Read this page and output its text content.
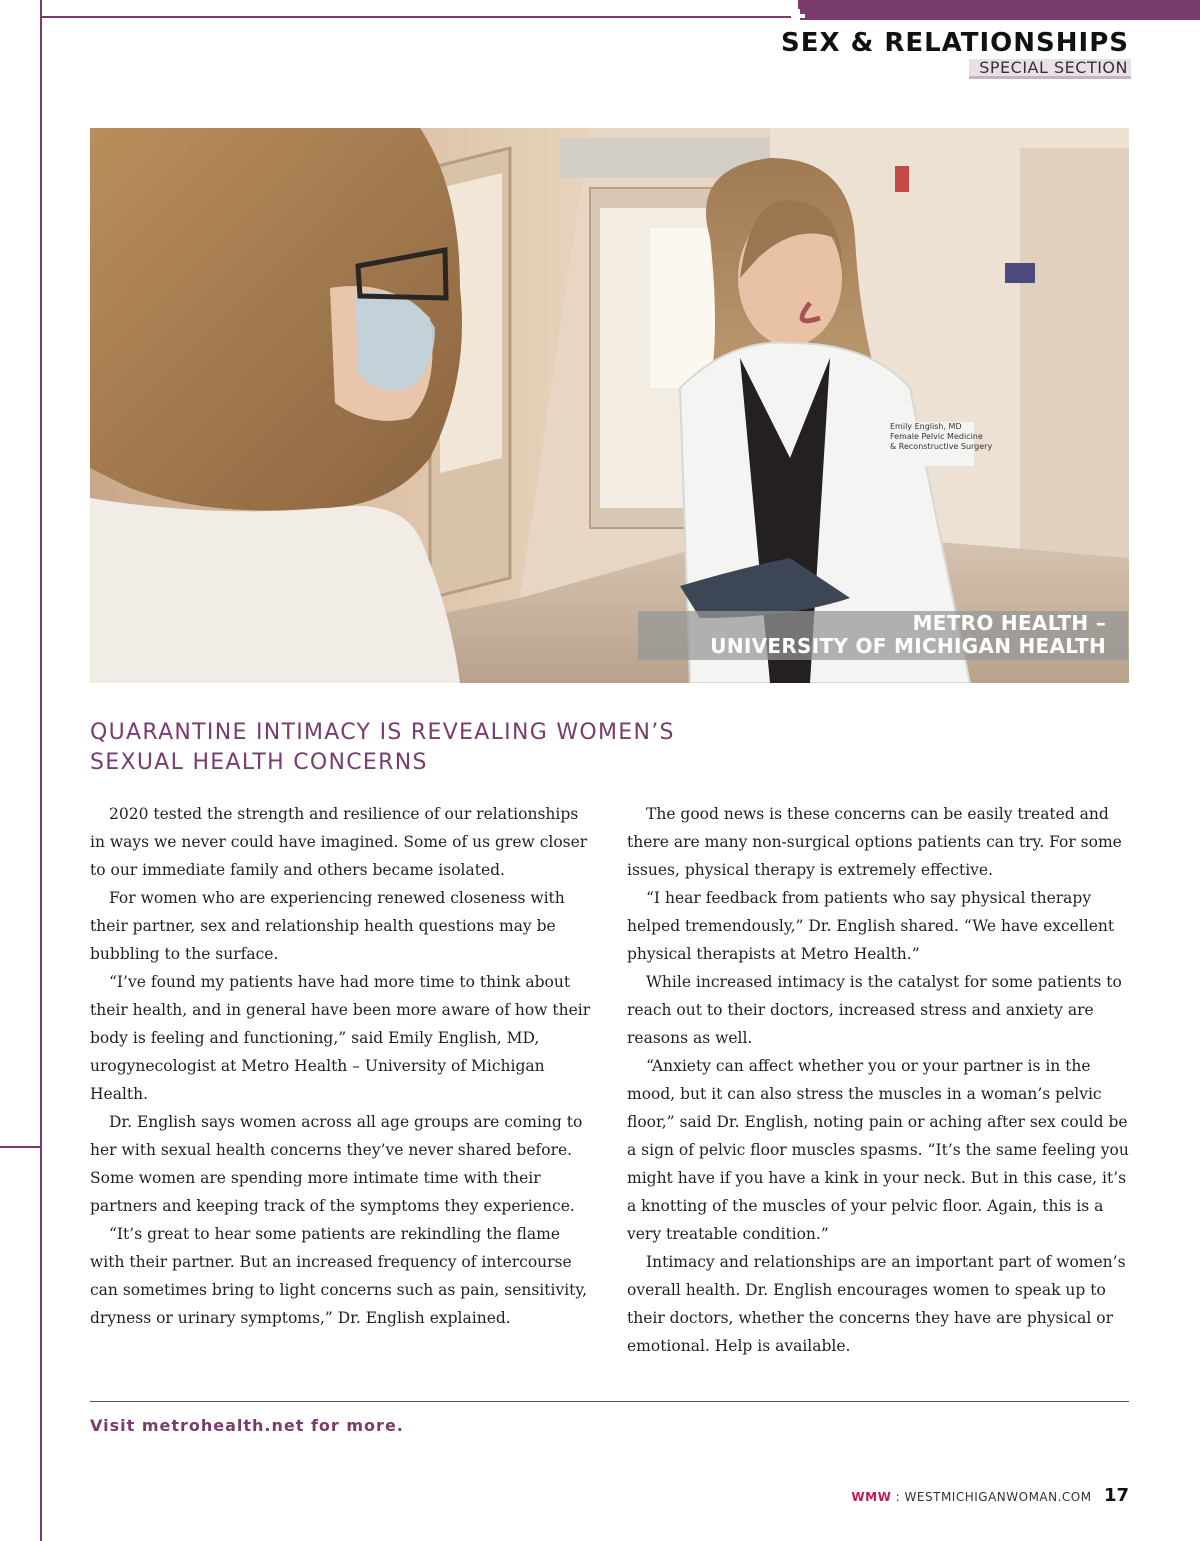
SEX & RELATIONSHIPS

SPECIAL SECTION

Emily English, MD
Female Pelvic Medicine
& Reconstructive Surgery
METRO HEALTH –
UNIVERSITY OF MICHIGAN HEALTH
QUARANTINE INTIMACY IS REVEALING WOMEN’S
SEXUAL HEALTH CONCERNS

2020 tested the strength and resilience of our relationships in ways we never could have imagined. Some of us grew closer to our immediate family and others became isolated.

For women who are experiencing renewed closeness with their partner, sex and relationship health questions may be bubbling to the surface.

“I’ve found my patients have had more time to think about their health, and in general have been more aware of how their body is feeling and functioning,” said Emily English, MD, urogynecologist at Metro Health – University of Michigan Health.

Dr. English says women across all age groups are coming to her with sexual health concerns they’ve never shared before. Some women are spending more intimate time with their partners and keeping track of the symptoms they experience.

“It’s great to hear some patients are rekindling the flame with their partner. But an increased frequency of intercourse can sometimes bring to light concerns such as pain, sensitivity, dryness or urinary symptoms,” Dr. English explained.

The good news is these concerns can be easily treated and there are many non-surgical options patients can try. For some issues, physical therapy is extremely effective.

“I hear feedback from patients who say physical therapy helped tremendously,” Dr. English shared. “We have excellent physical therapists at Metro Health.”

While increased intimacy is the catalyst for some patients to reach out to their doctors, increased stress and anxiety are reasons as well.

“Anxiety can affect whether you or your partner is in the mood, but it can also stress the muscles in a woman’s pelvic floor,” said Dr. English, noting pain or aching after sex could be a sign of pelvic floor muscles spasms. “It’s the same feeling you might have if you have a kink in your neck. But in this case, it’s a knotting of the muscles of your pelvic floor. Again, this is a very treatable condition.”

Intimacy and relationships are an important part of women’s overall health. Dr. English encourages women to speak up to their doctors, whether the concerns they have are physical or emotional. Help is available.

Visit metrohealth.net for more.

WMW : WESTMICHIGANWOMAN.COM 17
